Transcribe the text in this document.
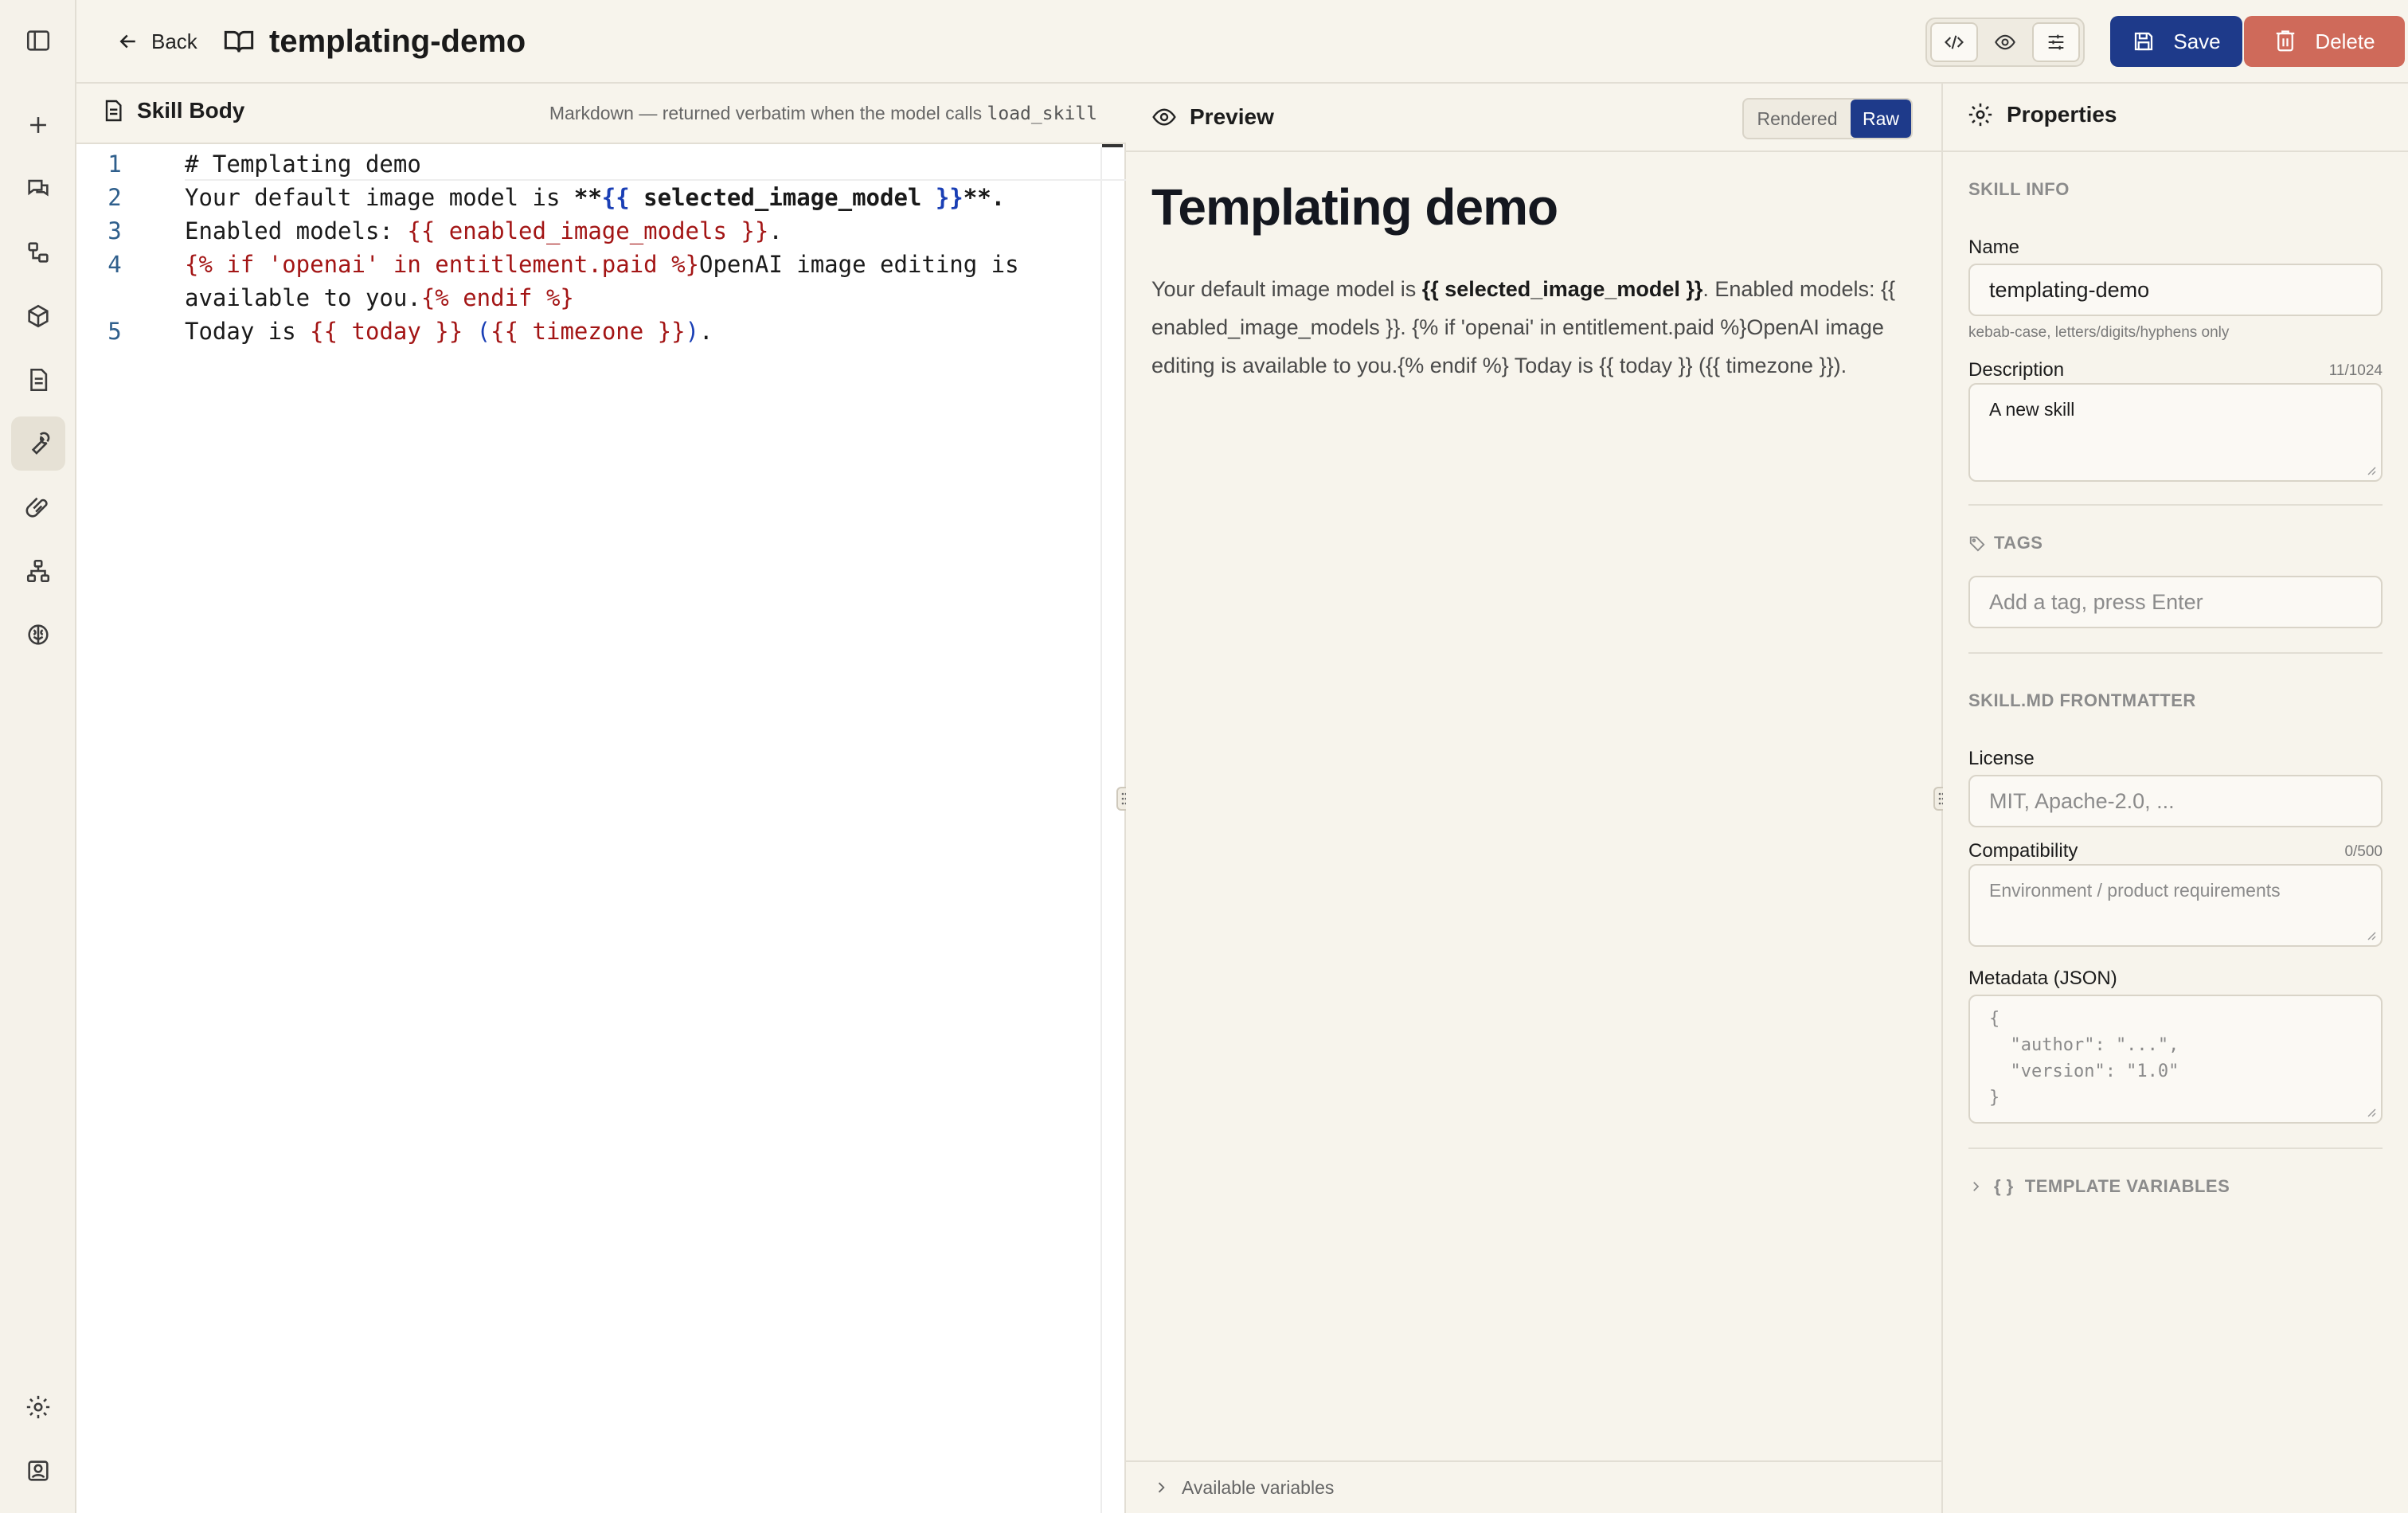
Back templating-demo	Save	Delete
Skill Body	Markdown — returned verbatim when the model calls load_skill
1	# Templating demo
2	Your default image model is **{{ selected_image_model }}**.
3	Enabled models: {{ enabled_image_models }}.
4	{% if 'openai' in entitlement.paid %}OpenAI image editing is
available to you.{% endif %}
5	Today is {{ today }} ({{ timezone }}).
Preview	Rendered	Raw
Templating demo

Your default image model is {{ selected_image_model }}. Enabled models: {{ enabled_image_models }}. {% if 'openai' in entitlement.paid %}OpenAI image editing is available to you.{% endif %} Today is {{ today }} ({{ timezone }}).

Available variables
Properties
SKILL INFO
Name
templating-demo
kebab-case, letters/digits/hyphens only
Description	11/1024
A new skill
TAGS
Add a tag, press Enter
SKILL.MD FRONTMATTER
License
MIT, Apache-2.0, ...
Compatibility	0/500
Environment / product requirements
Metadata (JSON)
{
"author": "...",
"version": "1.0"
}
{ } TEMPLATE VARIABLES
